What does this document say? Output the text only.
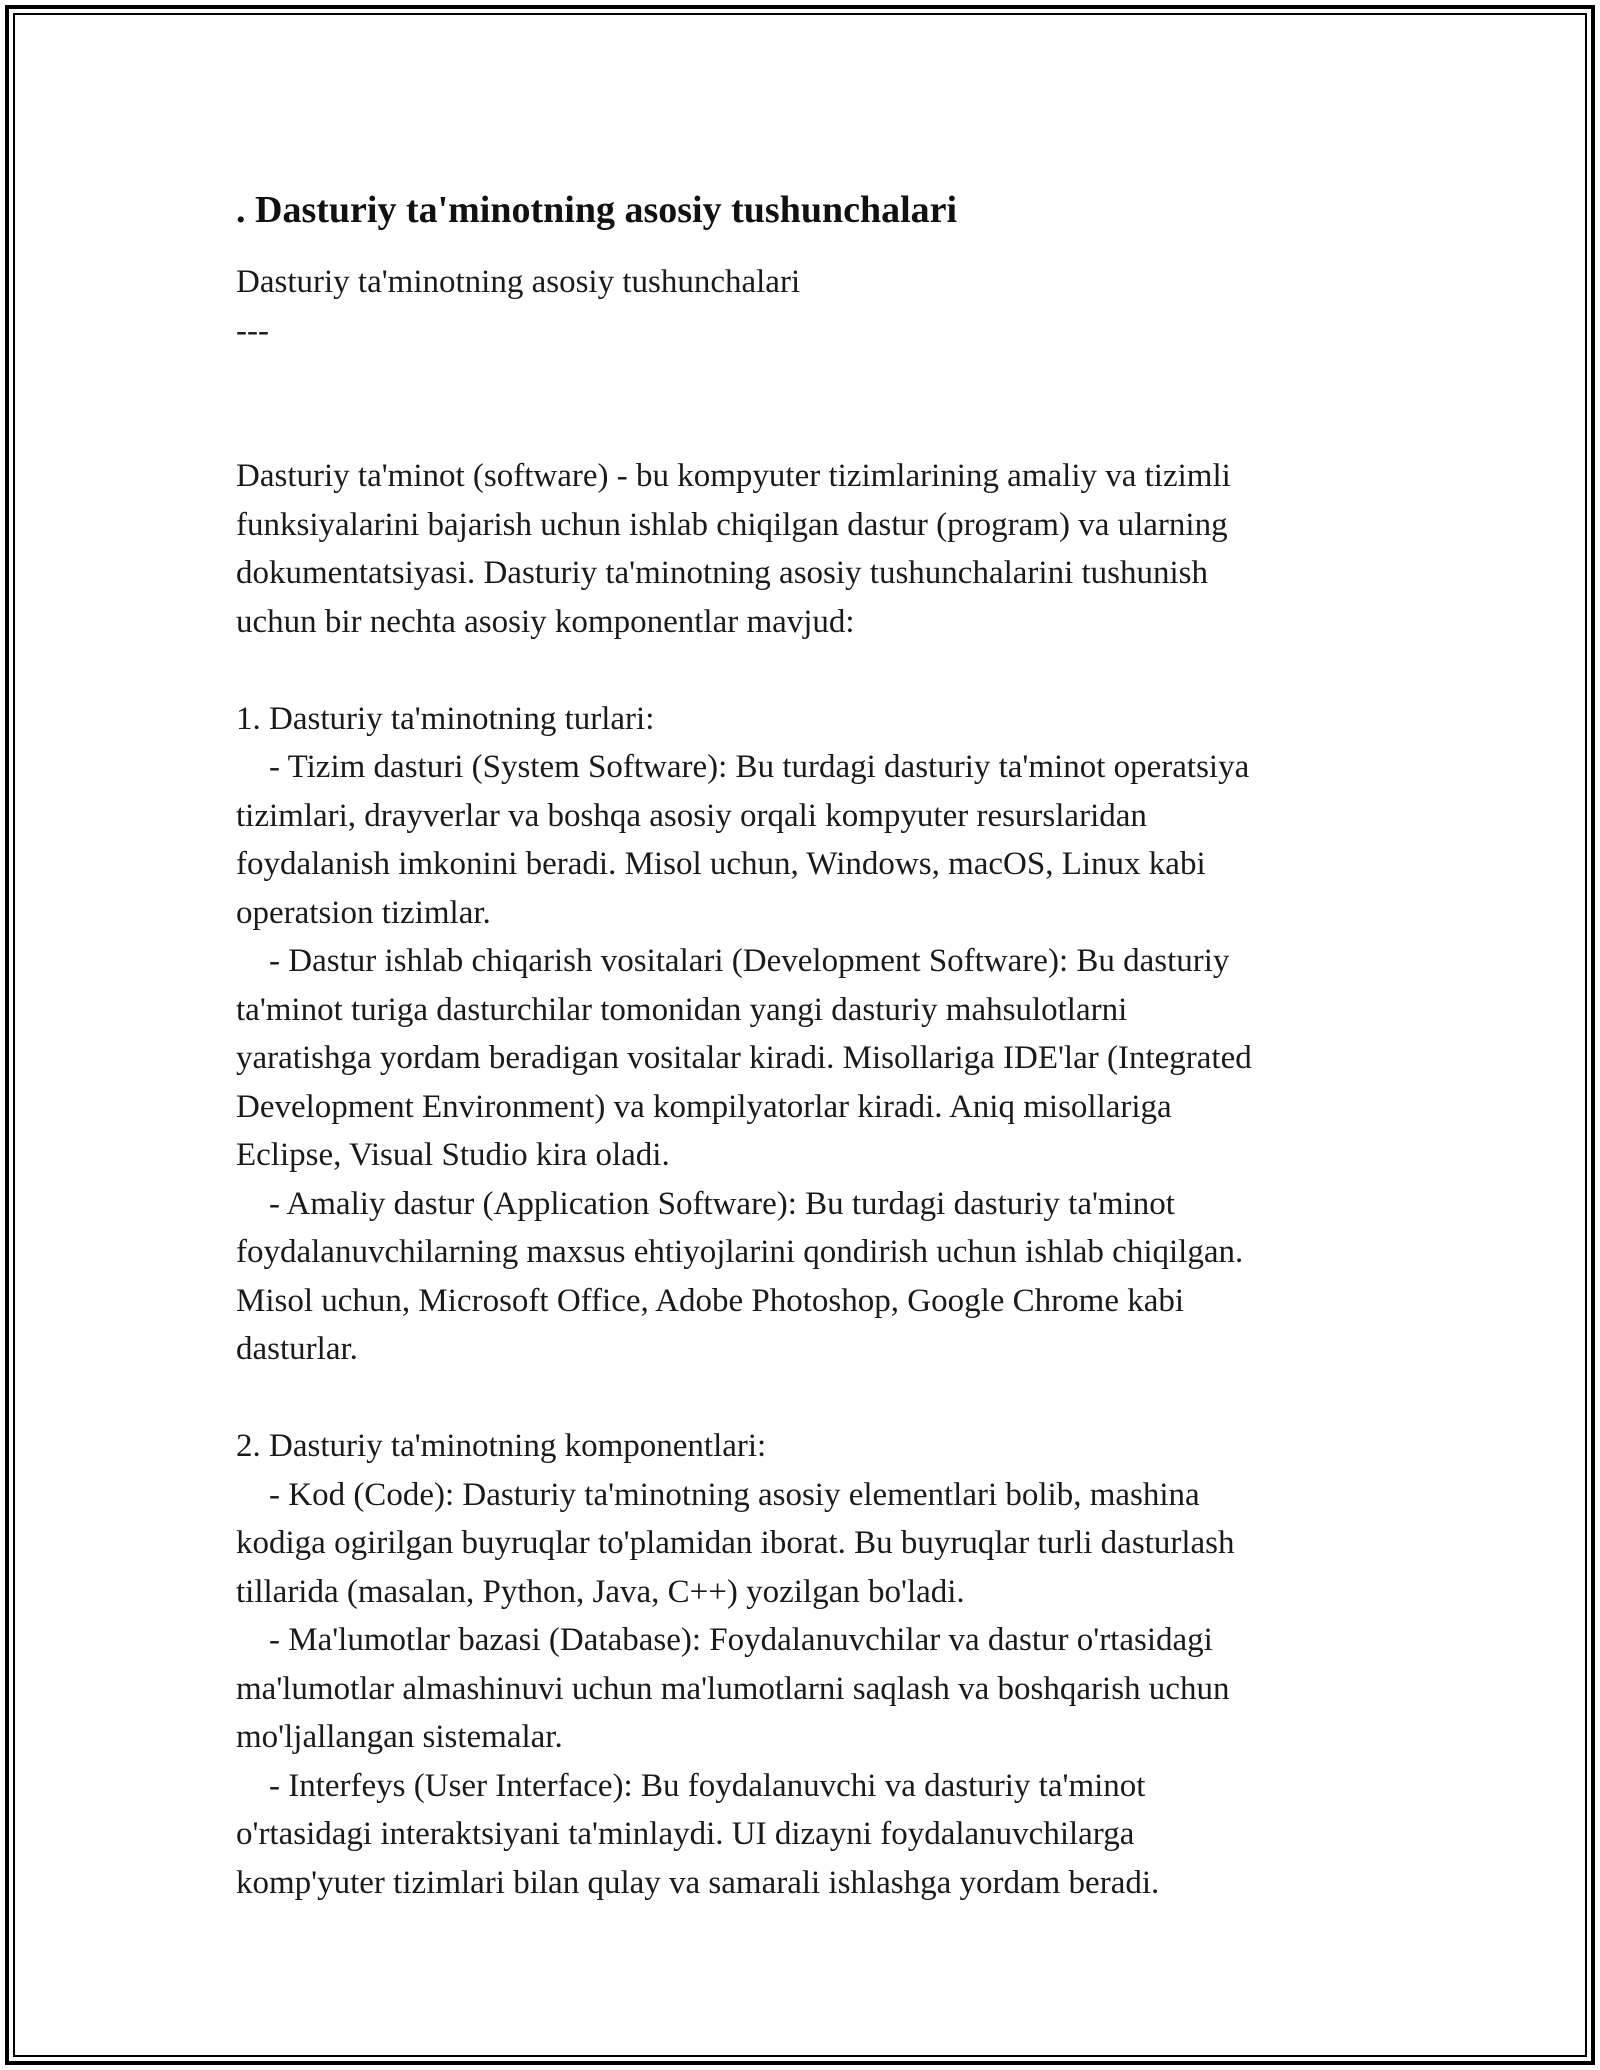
. Dasturiy ta'minotning asosiy tushunchalari

Dasturiy ta'minotning asosiy tushunchalari

---

Dasturiy ta'minot (software) - bu kompyuter tizimlarining amaliy va tizimli

funksiyalarini bajarish uchun ishlab chiqilgan dastur (program) va ularning

dokumentatsiyasi. Dasturiy ta'minotning asosiy tushunchalarini tushunish

uchun bir nechta asosiy komponentlar mavjud:

1. Dasturiy ta'minotning turlari:

- Tizim dasturi (System Software): Bu turdagi dasturiy ta'minot operatsiya

tizimlari, drayverlar va boshqa asosiy orqali kompyuter resurslaridan

foydalanish imkonini beradi. Misol uchun, Windows, macOS, Linux kabi

operatsion tizimlar.

- Dastur ishlab chiqarish vositalari (Development Software): Bu dasturiy

ta'minot turiga dasturchilar tomonidan yangi dasturiy mahsulotlarni

yaratishga yordam beradigan vositalar kiradi. Misollariga IDE'lar (Integrated

Development Environment) va kompilyatorlar kiradi. Aniq misollariga

Eclipse, Visual Studio kira oladi.

- Amaliy dastur (Application Software): Bu turdagi dasturiy ta'minot

foydalanuvchilarning maxsus ehtiyojlarini qondirish uchun ishlab chiqilgan.

Misol uchun, Microsoft Office, Adobe Photoshop, Google Chrome kabi

dasturlar.

2. Dasturiy ta'minotning komponentlari:

- Kod (Code): Dasturiy ta'minotning asosiy elementlari bolib, mashina

kodiga ogirilgan buyruqlar to'plamidan iborat. Bu buyruqlar turli dasturlash

tillarida (masalan, Python, Java, C++) yozilgan bo'ladi.

- Ma'lumotlar bazasi (Database): Foydalanuvchilar va dastur o'rtasidagi

ma'lumotlar almashinuvi uchun ma'lumotlarni saqlash va boshqarish uchun

mo'ljallangan sistemalar.

- Interfeys (User Interface): Bu foydalanuvchi va dasturiy ta'minot

o'rtasidagi interaktsiyani ta'minlaydi. UI dizayni foydalanuvchilarga

komp'yuter tizimlari bilan qulay va samarali ishlashga yordam beradi.
